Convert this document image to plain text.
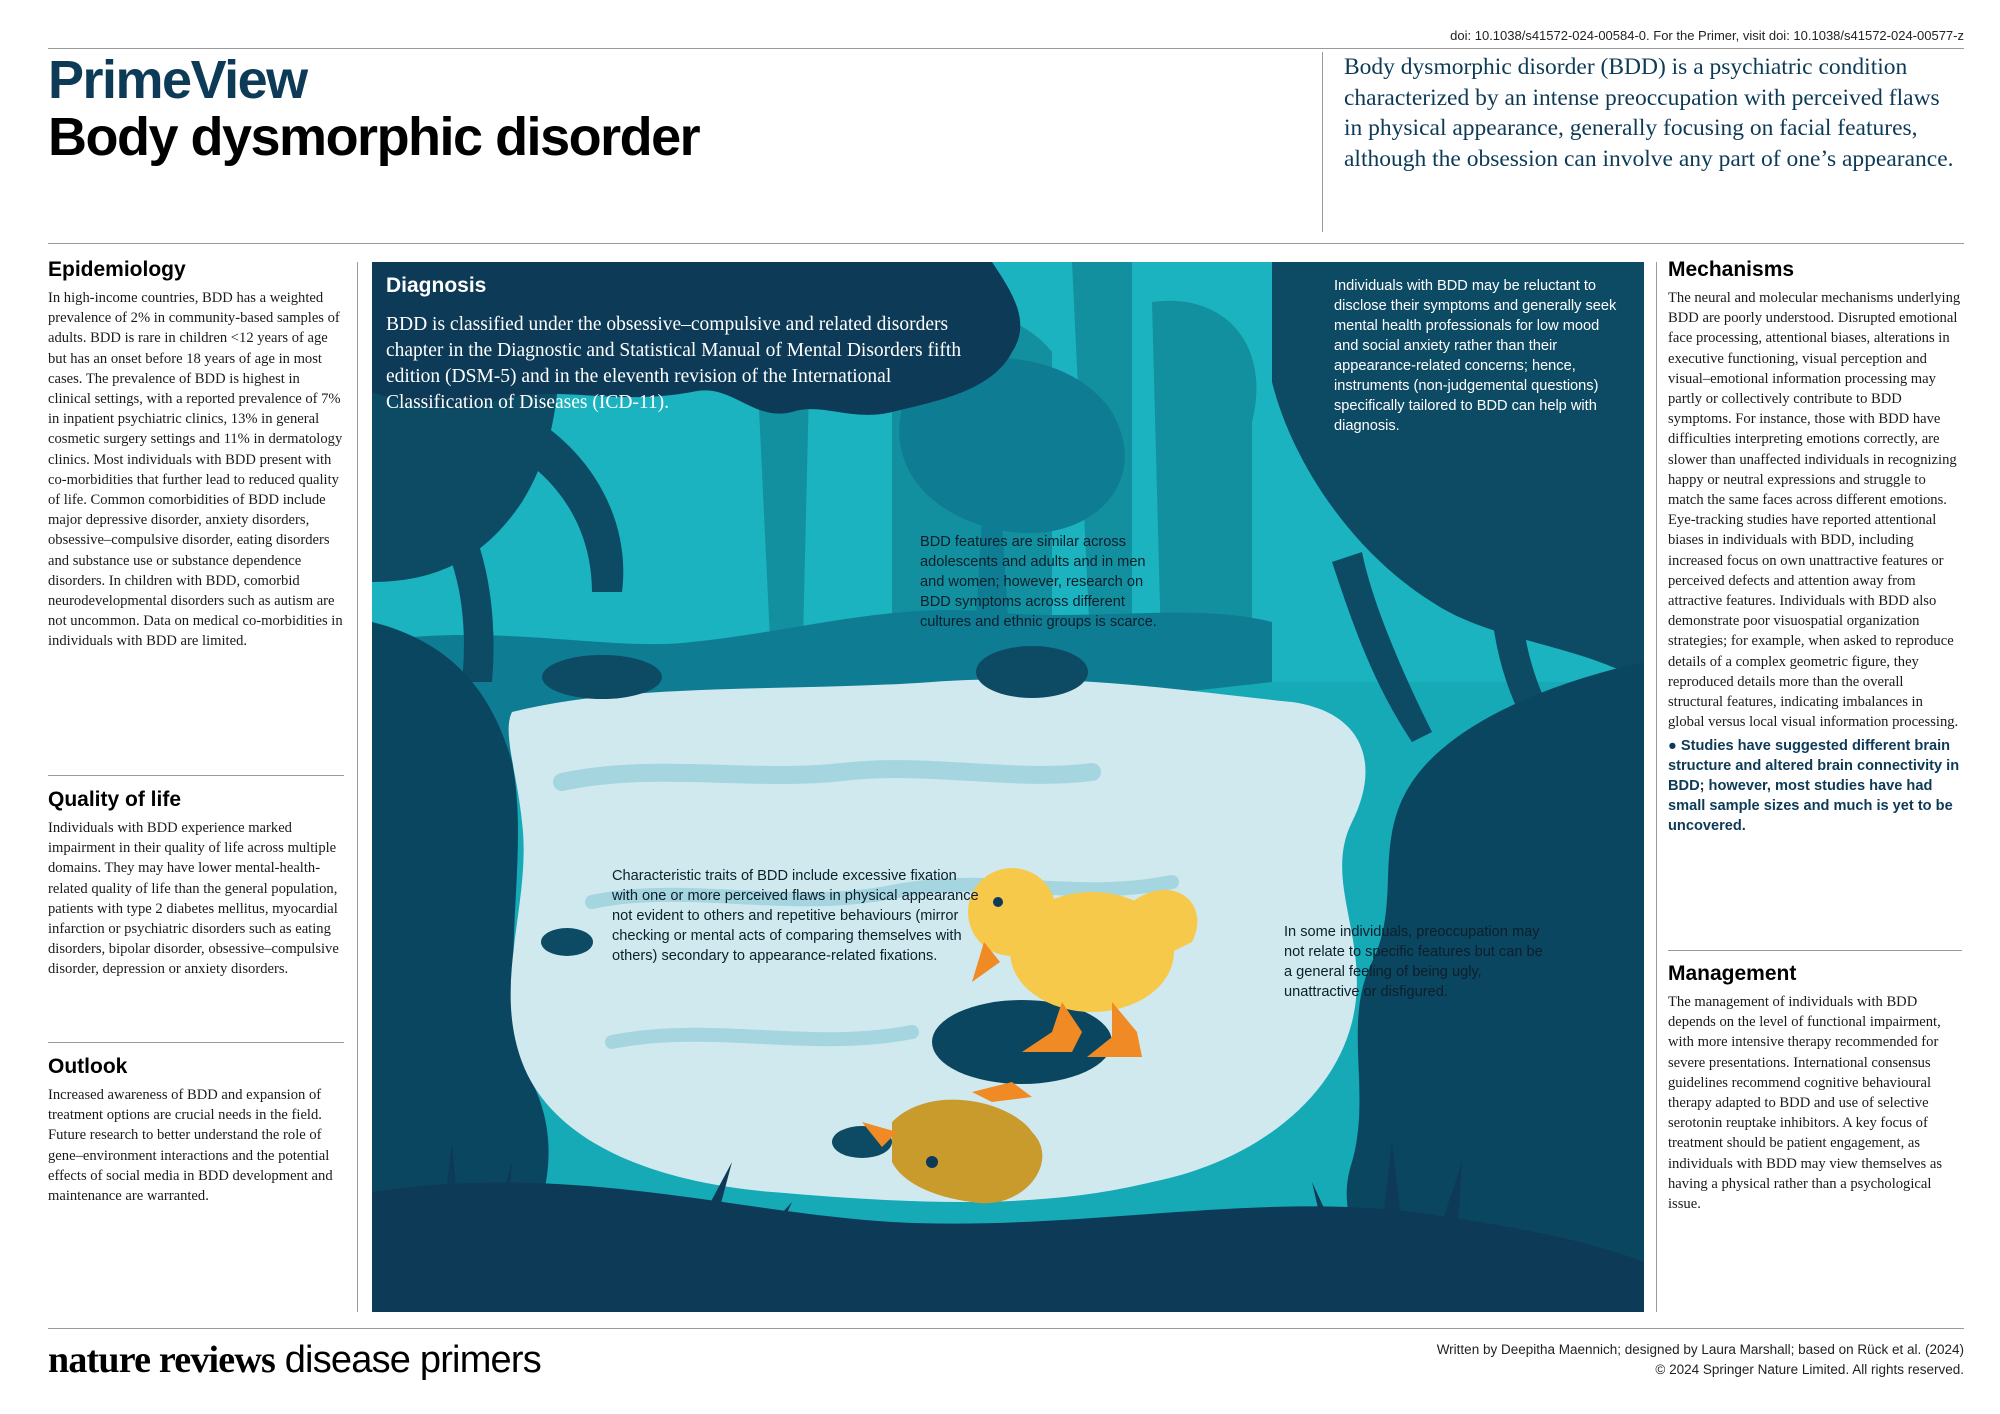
doi: 10.1038/s41572-024-00584-0. For the Primer, visit doi: 10.1038/s41572-024-00577-z
PrimeView
Body dysmorphic disorder
Body dysmorphic disorder (BDD) is a psychiatric condition characterized by an intense preoccupation with perceived flaws in physical appearance, generally focusing on facial features, although the obsession can involve any part of one’s appearance.
Epidemiology
In high-income countries, BDD has a weighted prevalence of 2% in community-based samples of adults. BDD is rare in children <12 years of age but has an onset before 18 years of age in most cases. The prevalence of BDD is highest in clinical settings, with a reported prevalence of 7% in inpatient psychiatric clinics, 13% in general cosmetic surgery settings and 11% in dermatology clinics. Most individuals with BDD present with co-morbidities that further lead to reduced quality of life. Common comorbidities of BDD include major depressive disorder, anxiety disorders, obsessive–compulsive disorder, eating disorders and substance use or substance dependence disorders. In children with BDD, comorbid neurodevelopmental disorders such as autism are not uncommon. Data on medical co-morbidities in individuals with BDD are limited.
Quality of life
Individuals with BDD experience marked impairment in their quality of life across multiple domains. They may have lower mental-health-related quality of life than the general population, patients with type 2 diabetes mellitus, myocardial infarction or psychiatric disorders such as eating disorders, bipolar disorder, obsessive–compulsive disorder, depression or anxiety disorders.
Outlook
Increased awareness of BDD and expansion of treatment options are crucial needs in the field. Future research to better understand the role of gene–environment interactions and the potential effects of social media in BDD development and maintenance are warranted.
Diagnosis
BDD is classified under the obsessive–compulsive and related disorders chapter in the Diagnostic and Statistical Manual of Mental Disorders fifth edition (DSM-5) and in the eleventh revision of the International Classification of Diseases (ICD-11).
Individuals with BDD may be reluctant to disclose their symptoms and generally seek mental health professionals for low mood and social anxiety rather than their appearance-related concerns; hence, instruments (non-judgemental questions) specifically tailored to BDD can help with diagnosis.
BDD features are similar across adolescents and adults and in men and women; however, research on BDD symptoms across different cultures and ethnic groups is scarce.
Characteristic traits of BDD include excessive fixation with one or more perceived flaws in physical appearance not evident to others and repetitive behaviours (mirror checking or mental acts of comparing themselves with others) secondary to appearance-related fixations.
In some individuals, preoccupation may not relate to specific features but can be a general feeling of being ugly, unattractive or disfigured.
Mechanisms
The neural and molecular mechanisms underlying BDD are poorly understood. Disrupted emotional face processing, attentional biases, alterations in executive functioning, visual perception and visual–emotional information processing may partly or collectively contribute to BDD symptoms. For instance, those with BDD have difficulties interpreting emotions correctly, are slower than unaffected individuals in recognizing happy or neutral expressions and struggle to match the same faces across different emotions. Eye-tracking studies have reported attentional biases in individuals with BDD, including increased focus on own unattractive features or perceived defects and attention away from attractive features. Individuals with BDD also demonstrate poor visuospatial organization strategies; for example, when asked to reproduce details of a complex geometric figure, they reproduced details more than the overall structural features, indicating imbalances in global versus local visual information processing.
● Studies have suggested different brain structure and altered brain connectivity in BDD; however, most studies have had small sample sizes and much is yet to be uncovered.
Management
The management of individuals with BDD depends on the level of functional impairment, with more intensive therapy recommended for severe presentations. International consensus guidelines recommend cognitive behavioural therapy adapted to BDD and use of selective serotonin reuptake inhibitors. A key focus of treatment should be patient engagement, as individuals with BDD may view themselves as having a physical rather than a psychological issue.
nature reviews disease primers	Written by Deepitha Maennich; designed by Laura Marshall; based on Rück et al. (2024)
© 2024 Springer Nature Limited. All rights reserved.
